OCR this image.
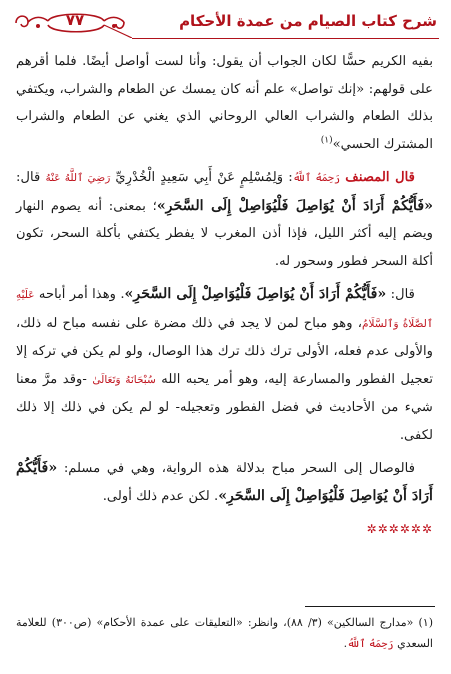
شرح كتاب الصيام من عمدة الأحكام
٧٧

بفيه الكريم حسًّا لكان الجواب أن يقول: وأنا لست أواصل أيضًا. فلما أقرهم على قولهم: «إنك تواصل» علم أنه كان يمسك عن الطعام والشراب، ويكتفي بذلك الطعام والشراب العالي الروحاني الذي يغني عن الطعام والشراب المشترك الحسي»$^{(١)}$

قال المصنف رَحِمَهُ ٱللَّهُ: وَلِمُسْلِمٍ عَنْ أَبِي سَعِيدٍ الْخُدْرِيِّ رَضِيَ ٱللَّهُ عَنْهُ قال: «فَأَيُّكُمْ أَرَادَ أَنْ يُوَاصِلَ فَلْيُوَاصِلْ إِلَى السَّحَرِ»؛ بمعنى: أنه يصوم النهار ويضم إليه أكثر الليل، فإذا أذن المغرب لا يفطر يكتفي بأكلة السحر، تكون أكلة السحر فطور وسحور له.

قال: «فَأَيُّكُمْ أَرَادَ أَنْ يُوَاصِلَ فَلْيُوَاصِلْ إِلَى السَّحَرِ». وهذا أمر أباحه عَلَيْهِ ٱلصَّلَاةُ وَٱلسَّلَامُ، وهو مباح لمن لا يجد في ذلك مضرة على نفسه مباح له ذلك، والأولى عدم فعله، الأولى ترك ذلك ترك هذا الوصال، ولو لم يكن في تركه إلا تعجيل الفطور والمسارعة إليه، وهو أمر يحبه الله سُبْحَانَهُ وَتَعَالَىٰ -وقد مرَّ معنا شيء من الأحاديث في فضل الفطور وتعجيله- لو لم يكن في ذلك إلا ذلك لكفى.

فالوصال إلى السحر مباح بدلالة هذه الرواية، وهي في مسلم: «فَأَيُّكُمْ أَرَادَ أَنْ يُوَاصِلَ فَلْيُوَاصِلْ إِلَى السَّحَرِ». لكن عدم ذلك أولى.

✲✲✲✲✲✲
(١) «مدارج السالكين» (٣/ ٨٨)، وانظر: «التعليقات على عمدة الأحكام» (ص٣٠٠) للعلامة السعدي رَحِمَهُ ٱللَّهُ.
